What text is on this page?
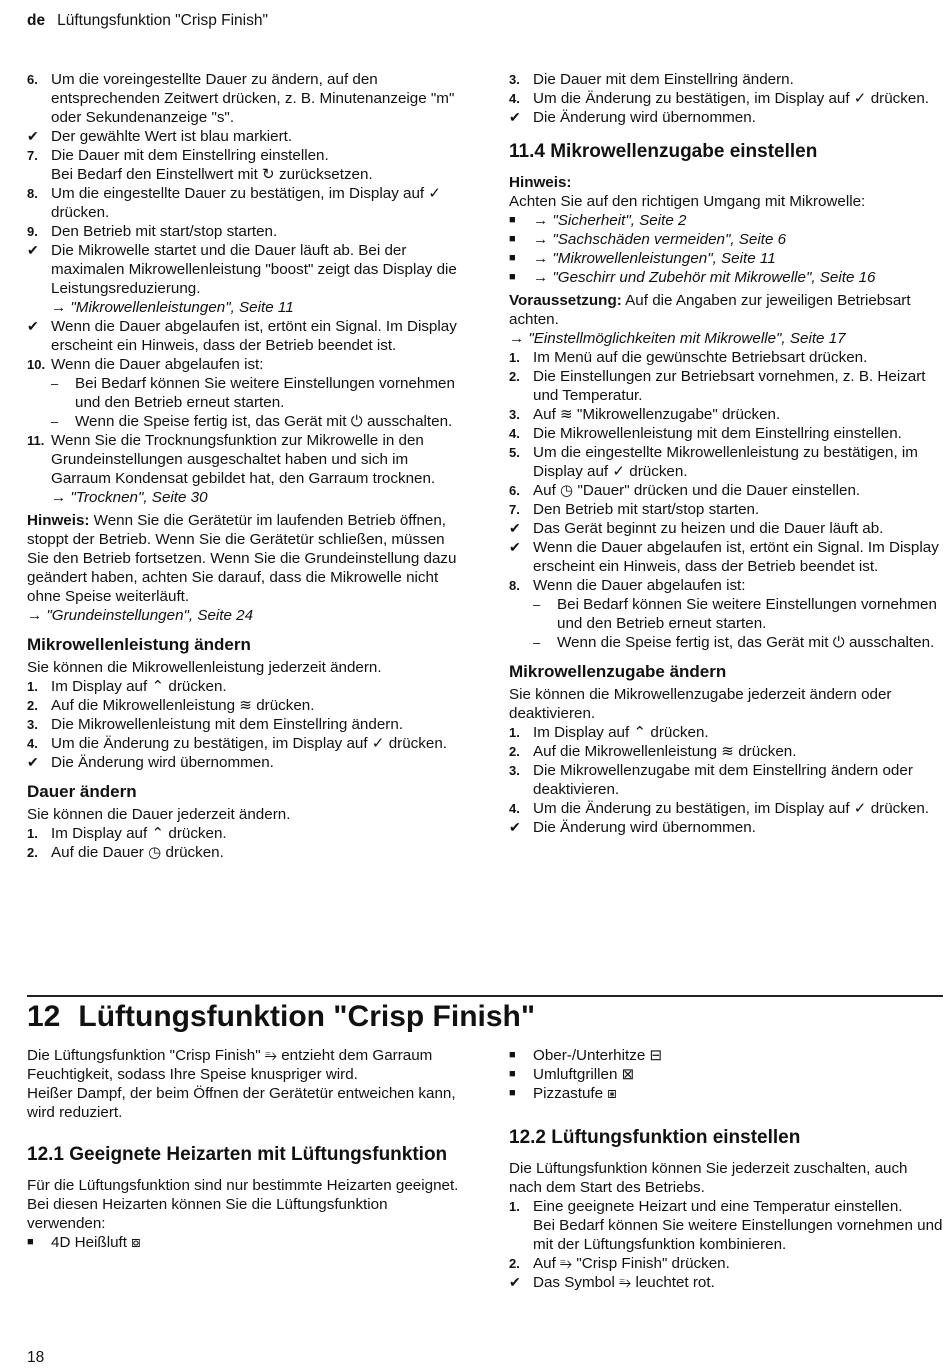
de Lüftungsfunktion "Crisp Finish"
6. Um die voreingestellte Dauer zu ändern, auf den entsprechenden Zeitwert drücken, z. B. Minutenanzeige "m" oder Sekundenanzeige "s".
✔ Der gewählte Wert ist blau markiert.
7. Die Dauer mit dem Einstellring einstellen.
Bei Bedarf den Einstellwert mit ↻ zurücksetzen.
8. Um die eingestellte Dauer zu bestätigen, im Display auf ✓ drücken.
9. Den Betrieb mit start/stop starten.
✔ Die Mikrowelle startet und die Dauer läuft ab. Bei der maximalen Mikrowellenleistung "boost" zeigt das Display die Leistungsreduzierung.
→ "Mikrowellenleistungen", Seite 11
✔ Wenn die Dauer abgelaufen ist, ertönt ein Signal. Im Display erscheint ein Hinweis, dass der Betrieb beendet ist.
10. Wenn die Dauer abgelaufen ist:
–	Bei Bedarf können Sie weitere Einstellungen vornehmen und den Betrieb erneut starten.
–	Wenn die Speise fertig ist, das Gerät mit ⏻ ausschalten.
11. Wenn Sie die Trocknungsfunktion zur Mikrowelle in den Grundeinstellungen ausgeschaltet haben und sich im Garraum Kondensat gebildet hat, den Garraum trocknen.
→ "Trocknen", Seite 30

Hinweis: Wenn Sie die Gerätetür im laufenden Betrieb öffnen, stoppt der Betrieb. Wenn Sie die Gerätetür schließen, müssen Sie den Betrieb fortsetzen. Wenn Sie die Grundeinstellung dazu geändert haben, achten Sie darauf, dass die Mikrowelle nicht ohne Speise weiterläuft.

→ "Grundeinstellungen", Seite 24

Mikrowellenleistung ändern

Sie können die Mikrowellenleistung jederzeit ändern.

1. Im Display auf ⌃ drücken.
2. Auf die Mikrowellenleistung ≋ drücken.
3. Die Mikrowellenleistung mit dem Einstellring ändern.
4. Um die Änderung zu bestätigen, im Display auf ✓ drücken.
✔ Die Änderung wird übernommen.
Dauer ändern

Sie können die Dauer jederzeit ändern.

1. Im Display auf ⌃ drücken.
2. Auf die Dauer ◷ drücken.
3. Die Dauer mit dem Einstellring ändern.
4. Um die Änderung zu bestätigen, im Display auf ✓ drücken.
✔ Die Änderung wird übernommen.
11.4 Mikrowellenzugabe einstellen

Hinweis:

Achten Sie auf den richtigen Umgang mit Mikrowelle:

■	→ "Sicherheit", Seite 2
■	→ "Sachschäden vermeiden", Seite 6
■	→ "Mikrowellenleistungen", Seite 11
■	→ "Geschirr und Zubehör mit Mikrowelle", Seite 16

Voraussetzung: Auf die Angaben zur jeweiligen Betriebsart achten.

→ "Einstellmöglichkeiten mit Mikrowelle", Seite 17

1. Im Menü auf die gewünschte Betriebsart drücken.
2. Die Einstellungen zur Betriebsart vornehmen, z. B. Heizart und Temperatur.
3. Auf ≋ "Mikrowellenzugabe" drücken.
4. Die Mikrowellenleistung mit dem Einstellring einstellen.
5. Um die eingestellte Mikrowellenleistung zu bestätigen, im Display auf ✓ drücken.
6. Auf ◷ "Dauer" drücken und die Dauer einstellen.
7. Den Betrieb mit start/stop starten.
✔ Das Gerät beginnt zu heizen und die Dauer läuft ab.
✔ Wenn die Dauer abgelaufen ist, ertönt ein Signal. Im Display erscheint ein Hinweis, dass der Betrieb beendet ist.
8. Wenn die Dauer abgelaufen ist:
–	Bei Bedarf können Sie weitere Einstellungen vornehmen und den Betrieb erneut starten.
–	Wenn die Speise fertig ist, das Gerät mit ⏻ ausschalten.
Mikrowellenzugabe ändern

Sie können die Mikrowellenzugabe jederzeit ändern oder deaktivieren.

1. Im Display auf ⌃ drücken.
2. Auf die Mikrowellenleistung ≋ drücken.
3. Die Mikrowellenzugabe mit dem Einstellring ändern oder deaktivieren.
4. Um die Änderung zu bestätigen, im Display auf ✓ drücken.
✔ Die Änderung wird übernommen.
12 Lüftungsfunktion "Crisp Finish"

Die Lüftungsfunktion "Crisp Finish" ⥱ entzieht dem Garraum Feuchtigkeit, sodass Ihre Speise knuspriger wird.

Heißer Dampf, der beim Öffnen der Gerätetür entweichen kann, wird reduziert.

12.1 Geeignete Heizarten mit Lüftungsfunktion

Für die Lüftungsfunktion sind nur bestimmte Heizarten geeignet.

Bei diesen Heizarten können Sie die Lüftungsfunktion verwenden:

■	4D Heißluft ⧇
■	Ober-/Unterhitze ⊟
■	Umluftgrillen ⊠
■	Pizzastufe ⧆
12.2 Lüftungsfunktion einstellen

Die Lüftungsfunktion können Sie jederzeit zuschalten, auch nach dem Start des Betriebs.

1. Eine geeignete Heizart und eine Temperatur einstellen.
Bei Bedarf können Sie weitere Einstellungen vornehmen und mit der Lüftungsfunktion kombinieren.
2. Auf ⥱ "Crisp Finish" drücken.
✔ Das Symbol ⥱ leuchtet rot.
18
